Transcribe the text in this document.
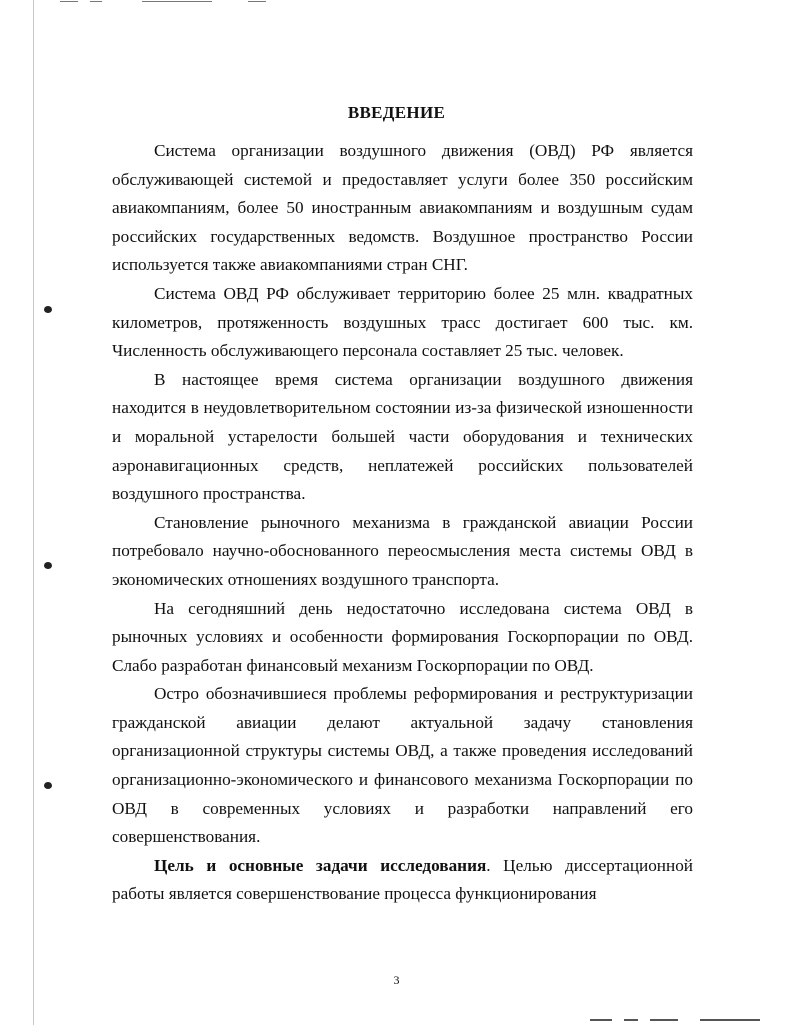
ВВЕДЕНИЕ

Система организации воздушного движения (ОВД) РФ является обслуживающей системой и предоставляет услуги более 350 российским авиакомпаниям, более 50 иностранным авиакомпаниям и воздушным судам российских государственных ведомств. Воздушное пространство России используется также авиакомпаниями стран СНГ.

Система ОВД РФ обслуживает территорию более 25 млн. квадратных километров, протяженность воздушных трасс достигает 600 тыс. км. Численность обслуживающего персонала составляет 25 тыс. человек.

В настоящее время система организации воздушного движения находится в неудовлетворительном состоянии из-за физической изношенности и моральной устарелости большей части оборудования и технических аэронавигационных средств, неплатежей российских пользователей воздушного пространства.

Становление рыночного механизма в гражданской авиации России потребовало научно-обоснованного переосмысления места системы ОВД в экономических отношениях воздушного транспорта.

На сегодняшний день недостаточно исследована система ОВД в рыночных условиях и особенности формирования Госкорпорации по ОВД. Слабо разработан финансовый механизм Госкорпорации по ОВД.

Остро обозначившиеся проблемы реформирования и реструктуризации гражданской авиации делают актуальной задачу становления организационной структуры системы ОВД, а также проведения исследований организационно-экономического и финансового механизма Госкорпорации по ОВД в современных условиях и разработки направлений его совершенствования.

Цель и основные задачи исследования. Целью диссертационной работы является совершенствование процесса функционирования

3
